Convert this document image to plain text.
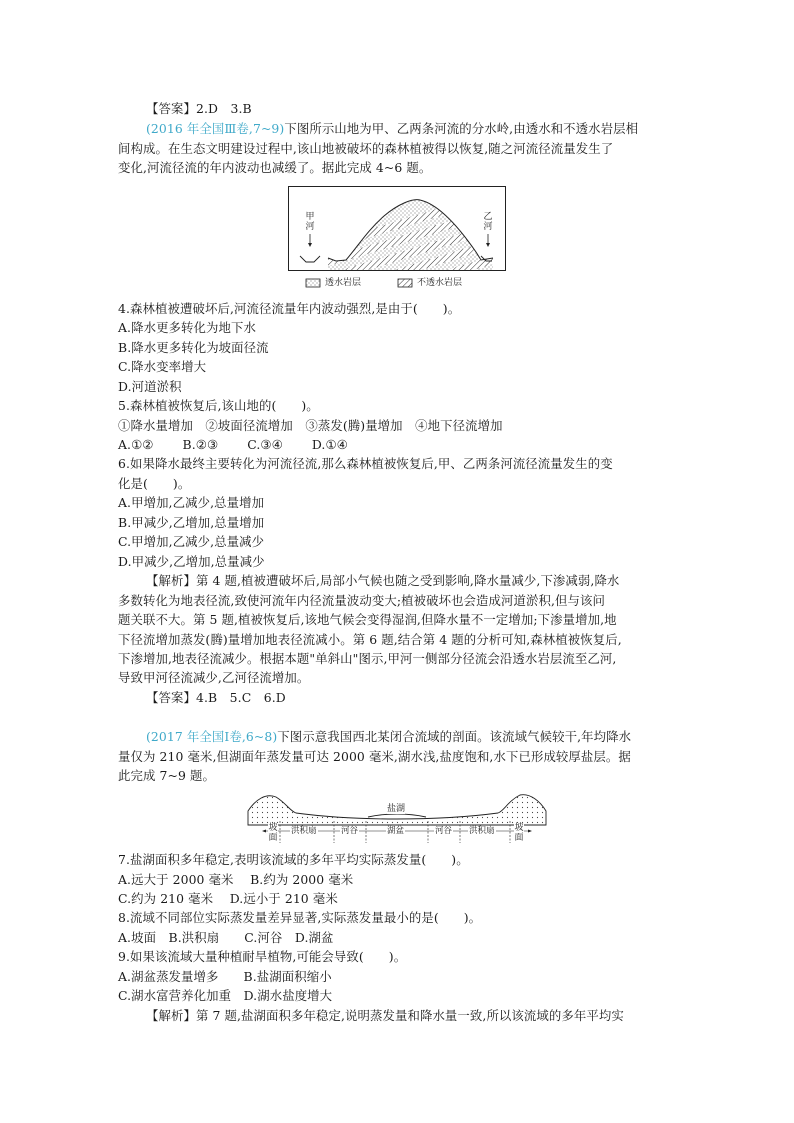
【答案】2.D　3.B
(2016 年全国Ⅲ卷,7~9)下图所示山地为甲、乙两条河流的分水岭,由透水和不透水岩层相
间构成。在生态文明建设过程中,该山地被破坏的森林植被得以恢复,随之河流径流量发生了
变化,河流径流的年内波动也减缓了。据此完成 4~6 题。
甲河
乙河
透水岩层	不透水岩层
4.森林植被遭破坏后,河流径流量年内波动强烈,是由于(　　)。
A.降水更多转化为地下水
B.降水更多转化为坡面径流
C.降水变率增大
D.河道淤积
5.森林植被恢复后,该山地的(　　)。
①降水量增加　②坡面径流增加　③蒸发(腾)量增加　④地下径流增加
A.①②　　 B.②③　　 C.③④　　 D.①④
6.如果降水最终主要转化为河流径流,那么森林植被恢复后,甲、乙两条河流径流量发生的变
化是(　　)。
A.甲增加,乙减少,总量增加
B.甲减少,乙增加,总量增加
C.甲增加,乙减少,总量减少
D.甲减少,乙增加,总量减少
【解析】第 4 题,植被遭破坏后,局部小气候也随之受到影响,降水量减少,下渗减弱,降水
多数转化为地表径流,致使河流年内径流量波动变大;植被破坏也会造成河道淤积,但与该问
题关联不大。第 5 题,植被恢复后,该地气候会变得湿润,但降水量不一定增加;下渗量增加,地
下径流增加蒸发(腾)量增加地表径流减小。第 6 题,结合第 4 题的分析可知,森林植被恢复后,
下渗增加,地表径流减少。根据本题"单斜山"图示,甲河一侧部分径流会沿透水岩层流至乙河,
导致甲河径流减少,乙河径流增加。
【答案】4.B　5.C　6.D
(2017 年全国Ⅰ卷,6~8)下图示意我国西北某闭合流域的剖面。该流域气候较干,年均降水
量仅为 210 毫米,但湖面年蒸发量可达 2000 毫米,湖水浅,盐度饱和,水下已形成较厚盐层。据
此完成 7~9 题。
盐湖
坡面
洪积扇	河谷	湖盆	河谷 洪积扇 坡面
7.盐湖面积多年稳定,表明该流域的多年平均实际蒸发量(　　)。
A.远大于 2000 毫米　 B.约为 2000 毫米
C.约为 210 毫米　 D.远小于 210 毫米
8.流域不同部位实际蒸发量差异显著,实际蒸发量最小的是(　　)。
A.坡面　B.洪积扇　　C.河谷　D.湖盆
9.如果该流域大量种植耐旱植物,可能会导致(　　)。
A.湖盆蒸发量增多　　B.盐湖面积缩小
C.湖水富营养化加重　D.湖水盐度增大
【解析】第 7 题,盐湖面积多年稳定,说明蒸发量和降水量一致,所以该流域的多年平均实
